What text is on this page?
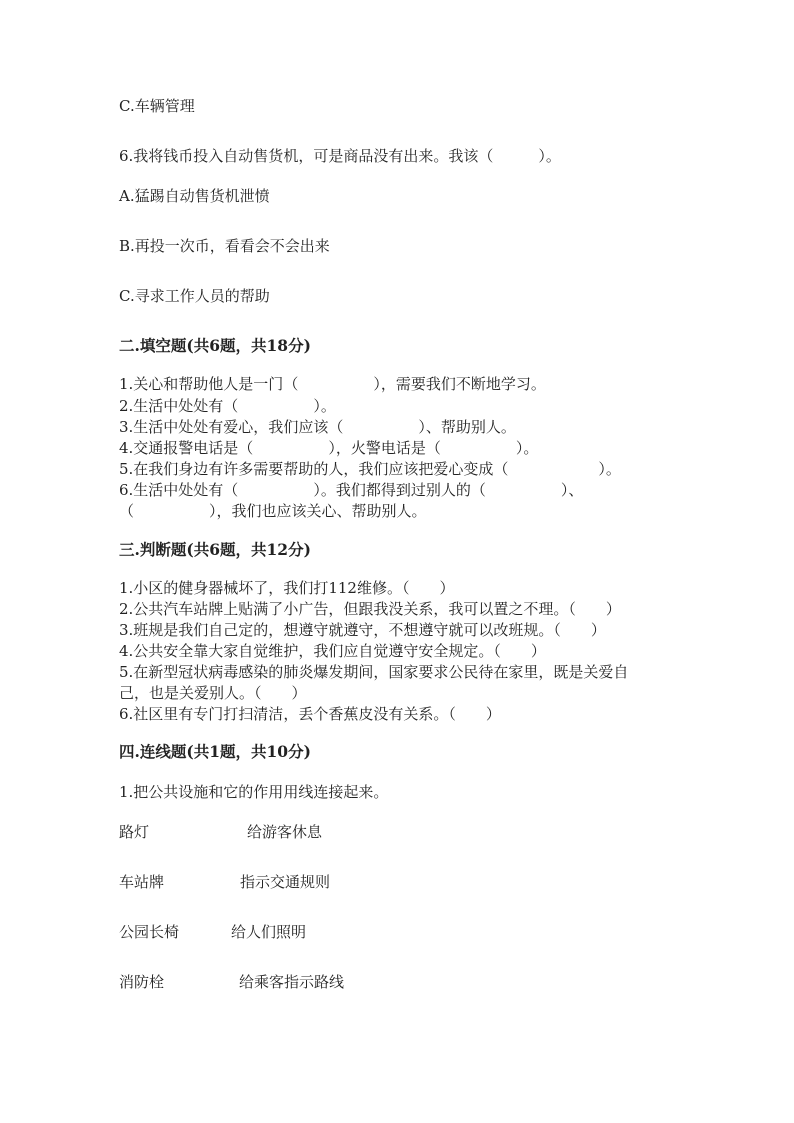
C.车辆管理
6.我将钱币投入自动售货机，可是商品没有出来。我该（　　　）。
A.猛踢自动售货机泄愤
B.再投一次币，看看会不会出来
C.寻求工作人员的帮助
二.填空题(共6题，共18分)
1.关心和帮助他人是一门（　　　　　），需要我们不断地学习。
2.生活中处处有（　　　　　）。
3.生活中处处有爱心，我们应该（　　　　　）、帮助别人。
4.交通报警电话是（　　　　　），火警电话是（　　　　　）。
5.在我们身边有许多需要帮助的人，我们应该把爱心变成（　　　　　　）。
6.生活中处处有（　　　　　）。我们都得到过别人的（　　　　　）、
（　　　　　），我们也应该关心、帮助别人。
三.判断题(共6题，共12分)
1.小区的健身器械坏了，我们打112维修。（　　）
2.公共汽车站牌上贴满了小广告，但跟我没关系，我可以置之不理。（　　）
3.班规是我们自己定的，想遵守就遵守，不想遵守就可以改班规。（　　）
4.公共安全靠大家自觉维护，我们应自觉遵守安全规定。（　　）
5.在新型冠状病毒感染的肺炎爆发期间，国家要求公民待在家里，既是关爱自
己，也是关爱别人。（　　）
6.社区里有专门打扫清洁，丢个香蕉皮没有关系。（　　）
四.连线题(共1题，共10分)
1.把公共设施和它的作用用线连接起来。
路灯	给游客休息
车站牌	指示交通规则
公园长椅	给人们照明
消防栓	给乘客指示路线
